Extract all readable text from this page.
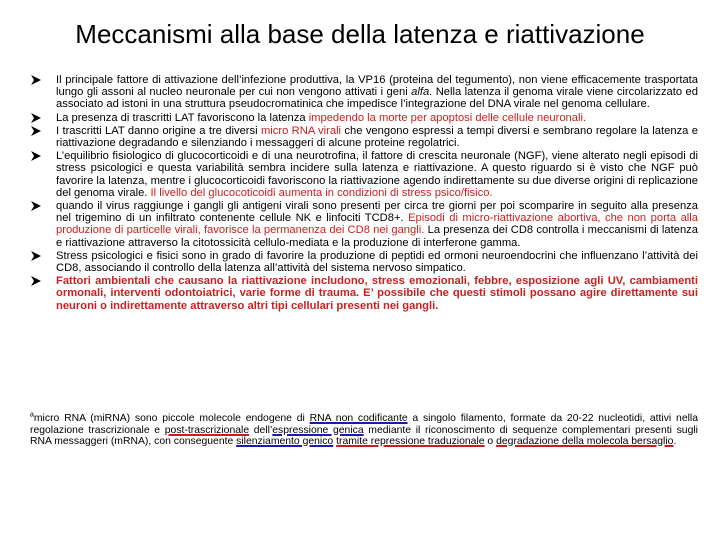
Meccanismi alla base della latenza e riattivazione
Il principale fattore di attivazione dell’infezione produttiva, la VP16 (proteina del tegumento), non viene efficacemente trasportata lungo gli assoni al nucleo neuronale per cui non vengono attivati i geni alfa. Nella latenza il genoma virale viene circolarizzato ed associato ad istoni in una struttura pseudocromatinica che impedisce l’integrazione del DNA virale nel genoma cellulare.
La presenza di trascritti LAT favoriscono la latenza impedendo la morte per apoptosi delle cellule neuronali.
I trascritti LAT danno origine a tre diversi micro RNA virali che vengono espressi a tempi diversi e sembrano regolare la latenza e riattivazione degradando e silenziando i messaggeri di alcune proteine regolatrici.
L’equilibrio fisiologico di glucocorticoidi e di una neurotrofina, il fattore di crescita neuronale (NGF), viene alterato negli episodi di stress psicologici e questa variabilità sembra incidere sulla latenza e riattivazione. A questo riguardo si è visto che NGF può favorire la latenza, mentre i glucocorticoidi favoriscono la riattivazione agendo indirettamente su due diverse origini di replicazione del genoma virale. Il livello del glucocoticoidi aumenta in condizioni di stress psico/fisico.
quando il virus raggiunge i gangli gli antigeni virali sono presenti per circa tre giorni per poi scomparire in seguito alla presenza nel trigemino di un infiltrato contenente cellule NK e linfociti TCD8+. Episodi di micro-riattivazione abortiva, che non porta alla produzione di particelle virali, favorisce la permanenza dei CD8 nei gangli. La presenza dei CD8 controlla i meccanismi di latenza e riattivazione attraverso la citotossicità cellulo-mediata e la produzione di interferone gamma.
Stress psicologici e fisici sono in grado di favorire la produzione di peptidi ed ormoni neuroendocrini che influenzano l’attività dei CD8, associando il controllo della latenza all’attività del sistema nervoso simpatico.
Fattori ambientali che causano la riattivazione includono, stress emozionali, febbre, esposizione agli UV, cambiamenti ormonali, interventi odontoiatrici, varie forme di trauma. E’ possibile che questi stimoli possano agire direttamente sui neuroni o indirettamente attraverso altri tipi cellulari presenti nei gangli.

$^a$micro RNA (miRNA) sono piccole molecole endogene di RNA non codificante a singolo filamento, formate da 20-22 nucleotidi, attivi nella regolazione trascrizionale e post-trascrizionale dell’espressione genica mediante il riconoscimento di sequenze complementari presenti sugli RNA messaggeri (mRNA), con conseguente silenziamento genico tramite repressione traduzionale o degradazione della molecola bersaglio.
